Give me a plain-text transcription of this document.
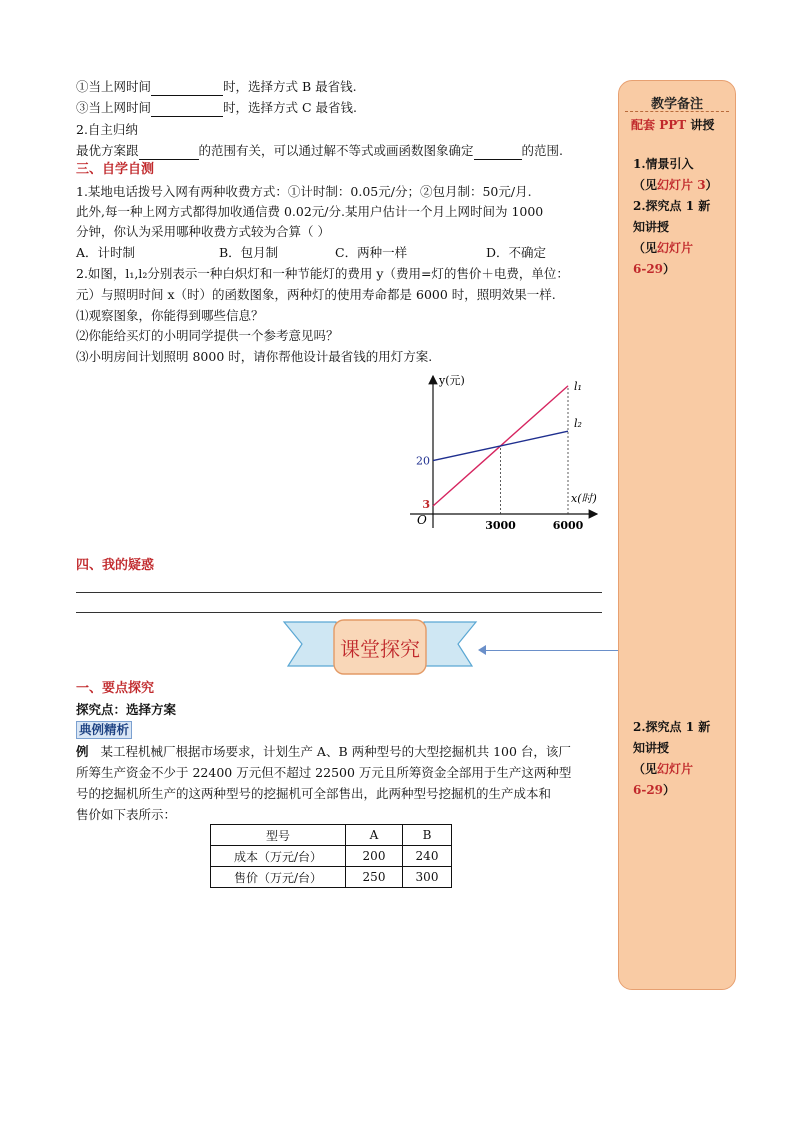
①当上网时间	时，选择方式 B 最省钱.
③当上网时间	时，选择方式 C 最省钱.
2.自主归纳
最优方案跟	的范围有关，可以通过解不等式或画函数图象确定	的范围.
三、自学自测
1.某地电话拨号入网有两种收费方式：①计时制：0.05元/分；②包月制：50元/月.
此外,每一种上网方式都得加收通信费 0.02元/分.某用户估计一个月上网时间为 1000
分钟，你认为采用哪种收费方式较为合算（ ）
A．计时制	B．包月制	C．两种一样	D．不确定
2.如图，l₁,l₂分别表示一种白炽灯和一种节能灯的费用 y（费用=灯的售价＋电费，单位：
元）与照明时间 x（时）的函数图象，两种灯的使用寿命都是 6000 时，照明效果一样.
⑴观察图象，你能得到哪些信息？
⑵你能给买灯的小明同学提供一个参考意见吗？
⑶小明房间计划照明 8000 时，请你帮他设计最省钱的用灯方案.
O
y(元)
x(时)
3000	6000
20
3
l₁
l₂
四、我的疑惑
课堂探究
一、要点探究
探究点：选择方案
典例精析
例 某工程机械厂根据市场要求，计划生产 A、B 两种型号的大型挖掘机共 100 台，该厂
所筹生产资金不少于 22400 万元但不超过 22500 万元且所筹资金全部用于生产这两种型
号的挖掘机所生产的这两种型号的挖掘机可全部售出，此两种型号挖掘机的生产成本和
售价如下表所示：
型号	A	B
成本（万元/台）	200	240
售价（万元/台）	250	300
教学备注
配套 PPT 讲授
1.情景引入
（见幻灯片 3）
2.探究点 1 新
知讲授
（见幻灯片
6-29）
2.探究点 1 新
知讲授
（见幻灯片
6-29）
